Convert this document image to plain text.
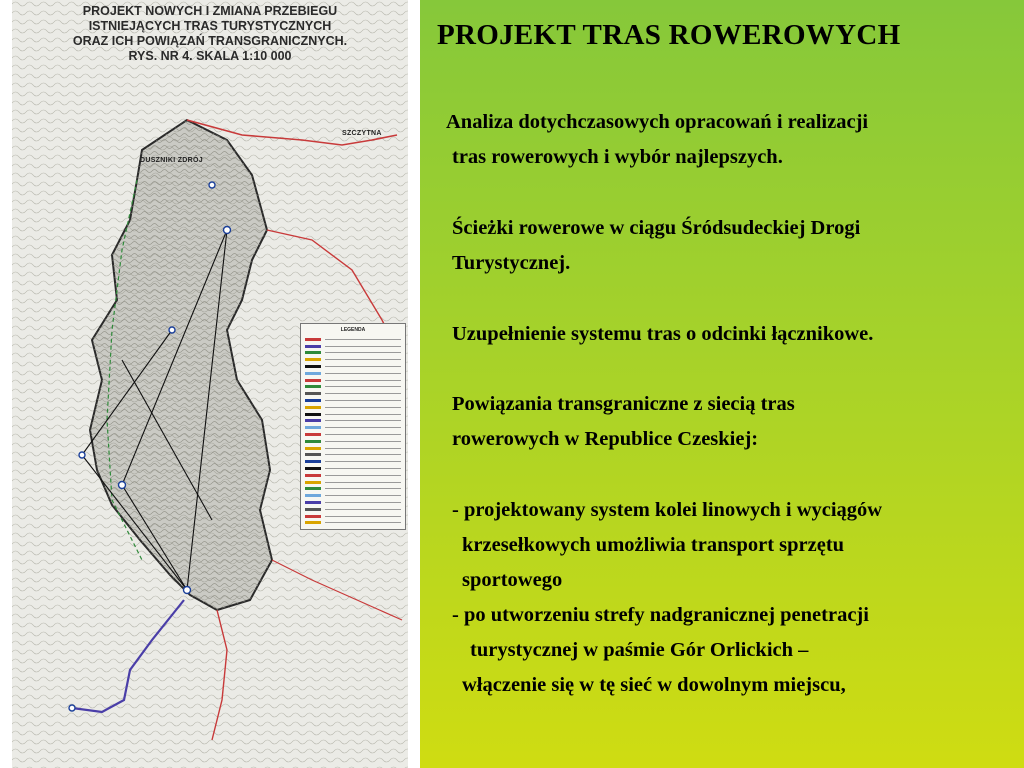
PROJEKT NOWYCH I ZMIANA PRZEBIEGU
ISTNIEJĄCYCH TRAS TURYSTYCZNYCH
ORAZ ICH POWIĄZAŃ TRANSGRANICZNYCH.
RYS. NR 4. SKALA 1:10 000
SZCZYTNA
DUSZNIKI ZDRÓJ
LEGENDA
PROJEKT TRAS ROWEROWYCH

Analiza dotychczasowych opracowań i realizacji
tras rowerowych i wybór najlepszych.

Ścieżki rowerowe w ciągu Śródsudeckiej Drogi
Turystycznej.

Uzupełnienie systemu tras o odcinki łącznikowe.

Powiązania transgraniczne z siecią tras
rowerowych w Republice Czeskiej:

- projektowany system kolei linowych i wyciągów
krzesełkowych umożliwia transport sprzętu
sportowego

- po utworzeniu strefy nadgranicznej penetracji
turystycznej w paśmie Gór Orlickich –
włączenie się w tę sieć w dowolnym miejscu,
